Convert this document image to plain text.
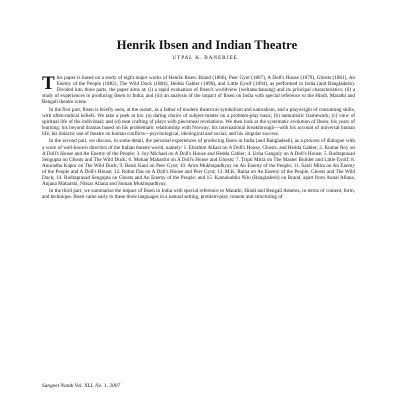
Henrik Ibsen and Indian Theatre
UTPAL K. BANERJEE

This paper is based on a study of eight major works of Henrik Ibsen: Brand (1866), Peer Gynt (1867), A Doll's House (1879), Ghosts (1881), An Enemy of the People (1882), The Wild Duck (1884), Hedda Gabler (1890), and Little Eyolf (1894), as performed in India (and Bangladesh). Divided into three parts, the paper aims at: (i) a rapid evaluation of Ibsen's worldview (weltanschauung) and its principal characteristics; (ii) a study of experiences in producing Ibsen in India; and (iii) an analysis of the impact of Ibsen on India with special reference to the Hindi, Marathi and Bengali theatre scene.

In the first part, Ibsen is briefly seen, at the outset, as a father of modern theatrical symbolism and naturalism, and a playwright of consuming skills, with often-radical beliefs. We take a peek at his: (a) daring choice of subject-matter on a problem-play basis; (b) naturalistic framework; (c) view of spiritual life of the individual; and (d) neat crafting of plays with piecemeal revelations. We then look at the systematic evolution of Ibsen: his years of learning; his beyond dramas based on his problematic relationship with Norway; his international breakthrough—with his account of universal human life; his didactic use of theatre on human conflicts—psychological, ideological and social; and his singular success.

In the second part, we discuss, in some detail, the personal experiences of producing Ibsen in India (and Bangladesh), as a process of dialogue with a score of well-known directors of the Indian theatre world, namely: 1. Ebrahim Alkazi on A Doll's House, Ghosts, and Hedda Gabler; 2. Kumar Roy on A Doll's House and An Enemy of the People; 3. Joy Michael on A Doll's House and Hedda Gabler; 4. Usha Ganguly on A Doll's House; 5. Rudraprasad Sengupta on Ghosts and The Wild Duck; 6. Mohan Maharshi on A Doll's House and Ghosts; 7. Tripti Mitra on The Master Builder and Little Eyolf; 8. Anuradha Kapur on The Wild Duck; 9. Bansi Kaul on Peer Gynt; 10. Arun Mukhopadhyay on An Enemy of the People; 11. Saoli Mitra on An Enemy of the People and A Doll's House; 12. Robin Das on A Doll's House and Peer Gynt; 13. M.K. Raina on An Enemy of the People, Ghosts and The Wild Duck; 14. Rudraprasad Sengupta on Ghosts and An Enemy of the People; and 15. Kamaluddin Nilu (Bangladesh) on Brand, apart from Aonal Allana, Anjana Maharshi, Nissar Allana and Suman Mukhopadhyay.

In the third part, we summarise the impact of Ibsen in India with special reference to Marathi, Hindi and Bengali theatres, in terms of content, form, and technique. Ibsen came early to these three languages in a natural setting, problem-play content and structuring of

Sangeet Natak Vol. XLI, No. 1, 2007
